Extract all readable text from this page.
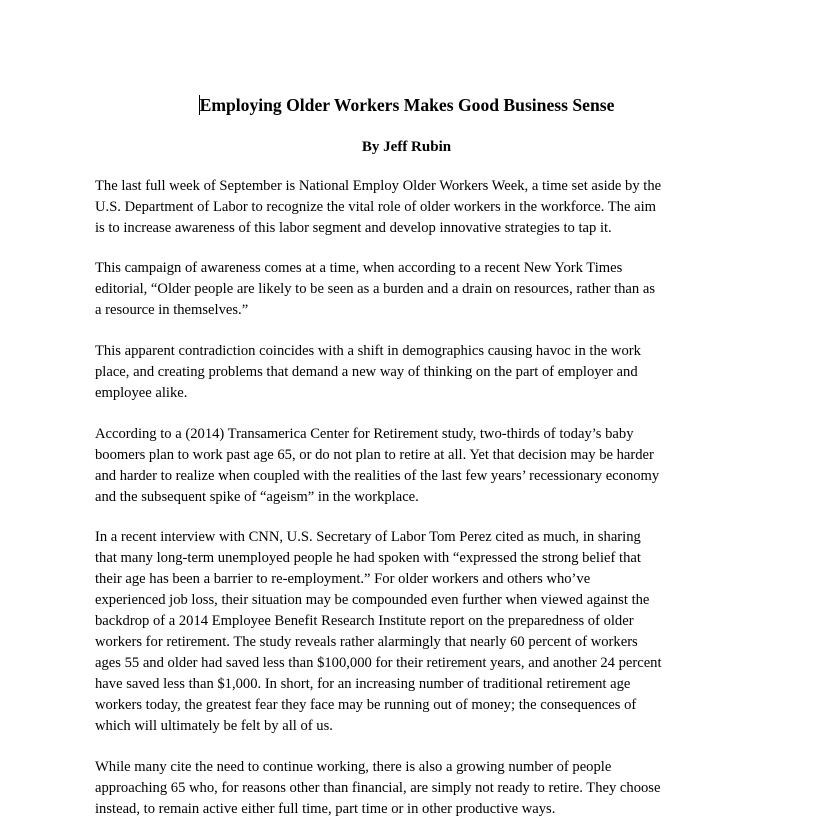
Employing Older Workers Makes Good Business Sense
By Jeff Rubin
The last full week of September is National Employ Older Workers Week, a time set aside by the
U.S. Department of Labor to recognize the vital role of older workers in the workforce. The aim
is to increase awareness of this labor segment and develop innovative strategies to tap it.
This campaign of awareness comes at a time, when according to a recent New York Times
editorial, “Older people are likely to be seen as a burden and a drain on resources, rather than as
a resource in themselves.”
This apparent contradiction coincides with a shift in demographics causing havoc in the work
place, and creating problems that demand a new way of thinking on the part of employer and
employee alike.
According to a (2014) Transamerica Center for Retirement study, two-thirds of today’s baby
boomers plan to work past age 65, or do not plan to retire at all. Yet that decision may be harder
and harder to realize when coupled with the realities of the last few years’ recessionary economy
and the subsequent spike of “ageism” in the workplace.
In a recent interview with CNN, U.S. Secretary of Labor Tom Perez cited as much, in sharing
that many long-term unemployed people he had spoken with “expressed the strong belief that
their age has been a barrier to re-employment.” For older workers and others who’ve
experienced job loss, their situation may be compounded even further when viewed against the
backdrop of a 2014 Employee Benefit Research Institute report on the preparedness of older
workers for retirement. The study reveals rather alarmingly that nearly 60 percent of workers
ages 55 and older had saved less than $100,000 for their retirement years, and another 24 percent
have saved less than $1,000. In short, for an increasing number of traditional retirement age
workers today, the greatest fear they face may be running out of money; the consequences of
which will ultimately be felt by all of us.
While many cite the need to continue working, there is also a growing number of people
approaching 65 who, for reasons other than financial, are simply not ready to retire. They choose
instead, to remain active either full time, part time or in other productive ways.
